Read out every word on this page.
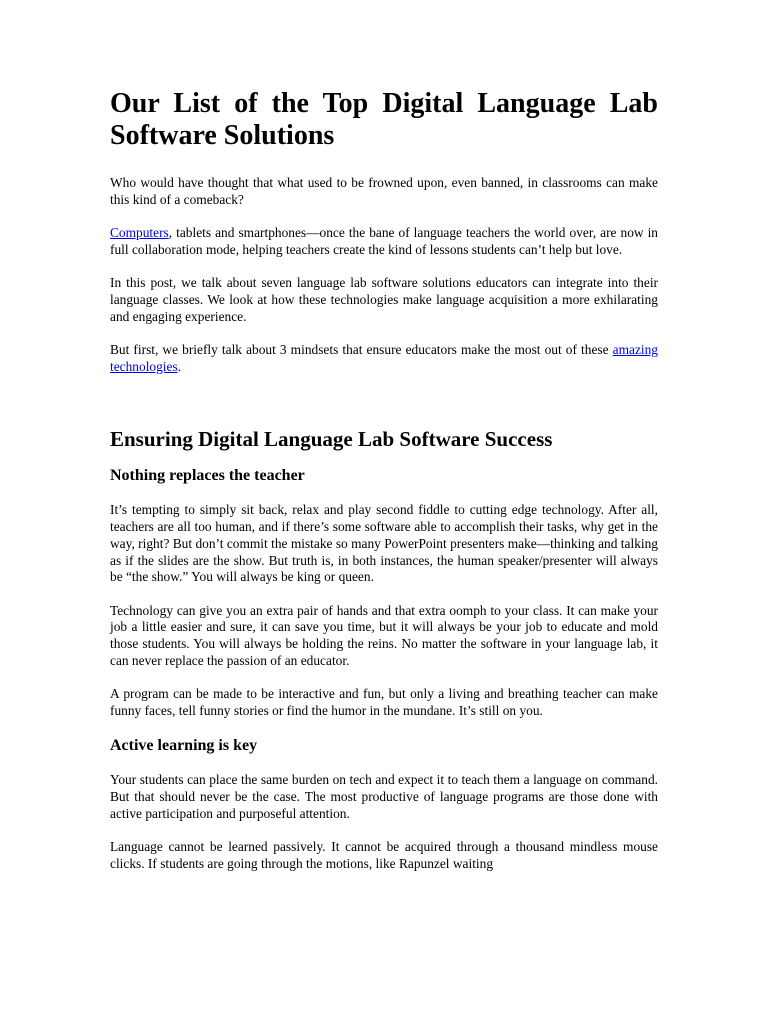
Our List of the Top Digital Language Lab Software Solutions

Who would have thought that what used to be frowned upon, even banned, in classrooms can make this kind of a comeback?

Computers, tablets and smartphones—once the bane of language teachers the world over, are now in full collaboration mode, helping teachers create the kind of lessons students can’t help but love.

In this post, we talk about seven language lab software solutions educators can integrate into their language classes. We look at how these technologies make language acquisition a more exhilarating and engaging experience.

But first, we briefly talk about 3 mindsets that ensure educators make the most out of these amazing technologies.

Ensuring Digital Language Lab Software Success
Nothing replaces the teacher

It’s tempting to simply sit back, relax and play second fiddle to cutting edge technology. After all, teachers are all too human, and if there’s some software able to accomplish their tasks, why get in the way, right? But don’t commit the mistake so many PowerPoint presenters make—thinking and talking as if the slides are the show. But truth is, in both instances, the human speaker/presenter will always be “the show.” You will always be king or queen.

Technology can give you an extra pair of hands and that extra oomph to your class. It can make your job a little easier and sure, it can save you time, but it will always be your job to educate and mold those students. You will always be holding the reins. No matter the software in your language lab, it can never replace the passion of an educator.

A program can be made to be interactive and fun, but only a living and breathing teacher can make funny faces, tell funny stories or find the humor in the mundane. It’s still on you.

Active learning is key

Your students can place the same burden on tech and expect it to teach them a language on command. But that should never be the case. The most productive of language programs are those done with active participation and purposeful attention.

Language cannot be learned passively. It cannot be acquired through a thousand mindless mouse clicks. If students are going through the motions, like Rapunzel waiting
